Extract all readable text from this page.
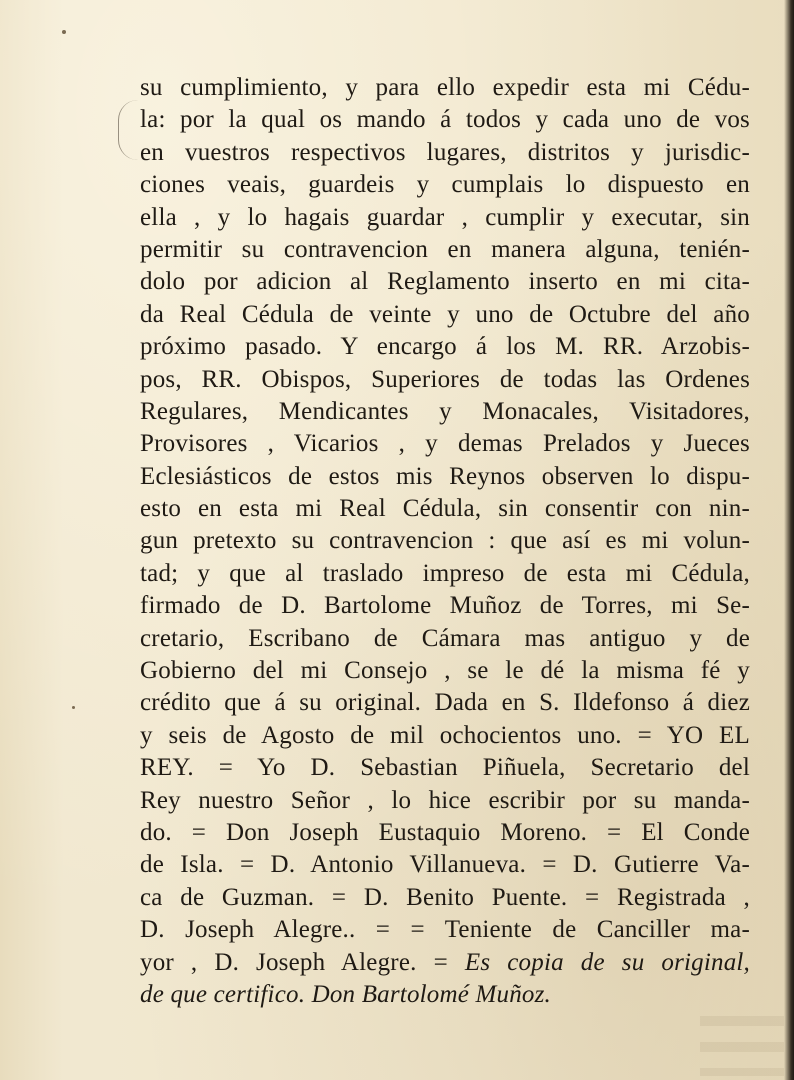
su cumplimiento, y para ello expedir esta mi Cédu-
la: por la qual os mando á todos y cada uno de vos
en vuestros respectivos lugares, distritos y jurisdic-
ciones veais, guardeis y cumplais lo dispuesto en
ella , y lo hagais guardar , cumplir y executar, sin
permitir su contravencion en manera alguna, tenién-
dolo por adicion al Reglamento inserto en mi cita-
da Real Cédula de veinte y uno de Octubre del año
próximo pasado. Y encargo á los M. RR. Arzobis-
pos, RR. Obispos, Superiores de todas las Ordenes
Regulares, Mendicantes y Monacales, Visitadores,
Provisores , Vicarios , y demas Prelados y Jueces
Eclesiásticos de estos mis Reynos observen lo dispu-
esto en esta mi Real Cédula, sin consentir con nin-
gun pretexto su contravencion : que así es mi volun-
tad; y que al traslado impreso de esta mi Cédula,
firmado de D. Bartolome Muñoz de Torres, mi Se-
cretario, Escribano de Cámara mas antiguo y de
Gobierno del mi Consejo , se le dé la misma fé y
crédito que á su original. Dada en S. Ildefonso á diez
y seis de Agosto de mil ochocientos uno. = YO EL
REY. = Yo D. Sebastian Piñuela, Secretario del
Rey nuestro Señor , lo hice escribir por su manda-
do. = Don Joseph Eustaquio Moreno. = El Conde
de Isla. = D. Antonio Villanueva. = D. Gutierre Va-
ca de Guzman. = D. Benito Puente. = Registrada ,
D. Joseph Alegre.. = = Teniente de Canciller ma-
yor , D. Joseph Alegre. = Es copia de su original,
de que certifico. Don Bartolomé Muñoz.
